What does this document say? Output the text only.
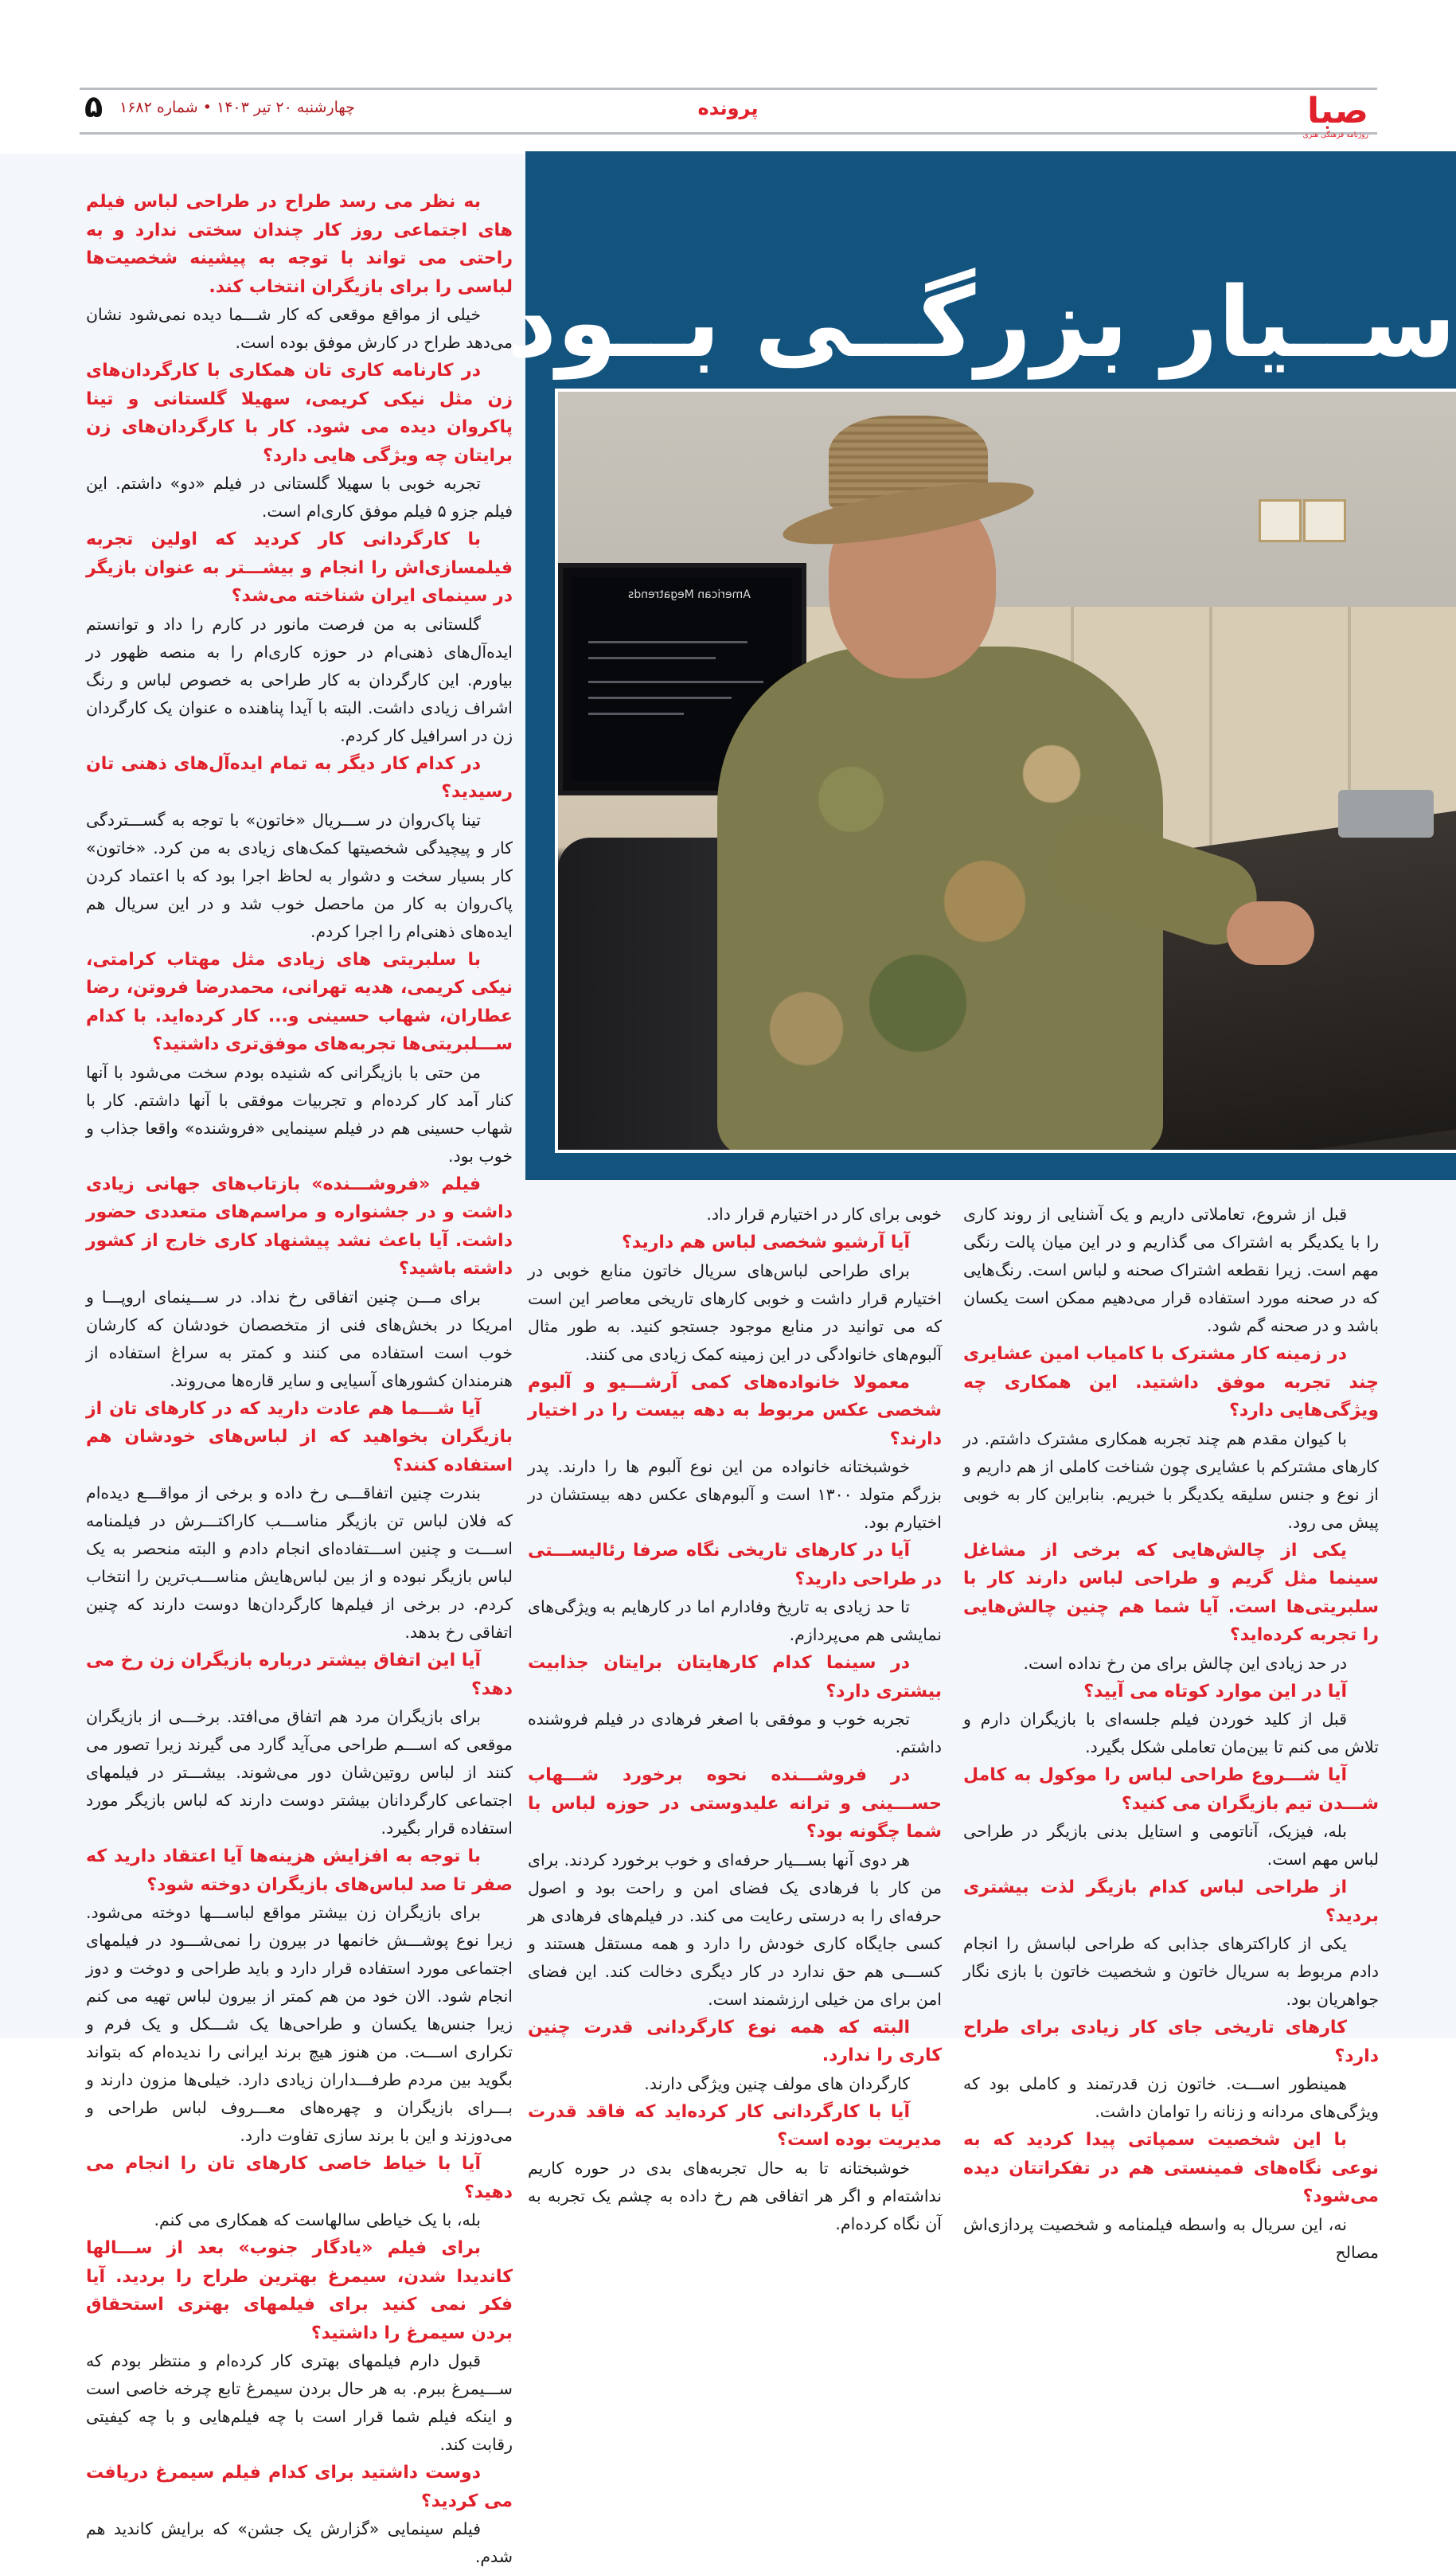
صبا
روزنامه فرهنگی هنری
پرونده
چهارشنبه ۲۰ تیر ۱۴۰۳ • شماره ۱۶۸۲
۵
ســیار بزرگــی بــود
American Megatrends

به نظر می رسد طراح در طراحی لباس فیلم های اجتماعی روز کار چندان سختی ندارد و به راحتی می تواند با توجه به پیشینه شخصیت‌ها لباسی را برای بازیگران انتخاب کند.

خیلی از مواقع موقعی که کار شـــما دیده نمی‌شود نشان می‌دهد طراح در کارش موفق بوده است.

در کارنامه کاری تان همکاری با کارگردان‌های زن مثل نیکی کریمی، سهیلا گلستانی و تینا پاکروان دیده می شود. کار با کارگردان‌های زن برایتان چه ویژگی هایی دارد؟

تجربه خوبی با سهیلا گلستانی در فیلم «دو» داشتم. این فیلم جزو ۵ فیلم موفق کاری‌ام است.

با کارگردانی کار کردید که اولین تجربه فیلمسازی‌اش را انجام و بیشـــتر به عنوان بازیگر در سینمای ایران شناخته می‌شد؟

گلستانی به من فرصت مانور در کارم را داد و توانستم ایده‌آل‌های ذهنی‌ام در حوزه کاری‌ام را به منصه ظهور در بیاورم. این کارگردان به کار طراحی به خصوص لباس و رنگ اشراف زیادی داشت. البته با آیدا پناهنده ه عنوان یک کارگردان زن در اسرافیل کار کردم.

در کدام کار دیگر به تمام ایده‌آل‌های ذهنی تان رسیدید؟

تینا پاک‌روان در ســـریال «خاتون» با توجه به گســـتردگی کار و پیچیدگی شخصیتها کمک‌های زیادی به من کرد. «خاتون» کار بسیار سخت و دشوار به لحاظ اجرا بود که با اعتماد کردن پاک‌روان به کار من ماحصل خوب شد و در این سریال هم ایده‌های ذهنی‌ام را اجرا کردم.

با سلبریتی های زیادی مثل مهتاب کرامتی، نیکی کریمی، هدیه تهرانی، محمدرضا فروتن، رضا عطاران، شهاب حسینی و... کار کرده‌اید. با کدام ســـلبریتی‌ها تجربه‌های موفق‌تری داشتید؟

من حتی با بازیگرانی که شنیده بودم سخت می‌شود با آنها کنار آمد کار کرده‌ام و تجربیات موفقی با آنها داشتم. کار با شهاب حسینی هم در فیلم سینمایی «فروشنده» واقعا جذاب و خوب بود.

فیلم «فروشـــنده» بازتاب‌های جهانی زیادی داشت و در جشنواره و مراسم‌های متعددی حضور داشت. آیا باعث نشد پیشنهاد کاری خارج از کشور داشته باشید؟

برای مـــن چنین اتفاقی رخ نداد. در ســـینمای اروپـــا و امریکا در بخش‌های فنی از متخصصان خودشان که کارشان خوب است استفاده می کنند و کمتر به سراغ استفاده از هنرمندان کشورهای آسیایی و سایر قاره‌ها می‌روند.

آیا شـــما هم عادت دارید که در کارهای تان از بازیگران بخواهید که از لباس‌های خودشان هم استفاده کنند؟

بندرت چنین اتفاقـــی رخ داده و برخی از مواقـــع دیده‌ام که فلان لباس تن بازیگر مناســـب کاراکتـــرش در فیلمنامه اســـت و چنین اســـتفاده‌ای انجام دادم و البته منحصر به یک لباس بازیگر نبوده و از بین لباس‌هایش مناســـب‌ترین را انتخاب کردم. در برخی از فیلم‌ها کارگردان‌ها دوست دارند که چنین اتفاقی رخ بدهد.

آیا این اتفاق بیشتر درباره بازیگران زن رخ می دهد؟

برای بازیگران مرد هم اتفاق می‌افتد. برخـــی از بازیگران موقعی که اســـم طراحی می‌آید گارد می گیرند زیرا تصور می کنند از لباس روتین‌شان دور می‌شوند. بیشـــتر در فیلمهای اجتماعی کارگردانان بیشتر دوست دارند که لباس بازیگر مورد استفاده قرار بگیرد.

با توجه به افزایش هزینه‌ها آیا اعتقاد دارید که صفر تا صد لباس‌های بازیگران دوخته شود؟

برای بازیگران زن بیشتر مواقع لباســـها دوخته می‌شود. زیرا نوع پوشـــش خانمها در بیرون را نمی‌شـــود در فیلمهای اجتماعی مورد استفاده قرار دارد و باید طراحی و دوخت و دوز انجام شود. الان خود من هم کمتر از بیرون لباس تهیه می کنم زیرا جنس‌ها یکسان و طراحی‌ها یک شـــکل و یک فرم و تکراری اســـت. من هنوز هیچ برند ایرانی را ندیده‌ام که بتواند بگوید بین مردم طرفـــداران زیادی دارد. خیلی‌ها مزون دارند و بـــرای بازیگران و چهره‌های معـــروف لباس طراحی و می‌دوزند و این با برند سازی تفاوت دارد.

آیا با خیاط خاصی کارهای تان را انجام می دهید؟

بله، با یک خیاطی سالهاست که همکاری می کنم.

برای فیلم «یادگار جنوب» بعد از ســـالها کاندیدا شدن، سیمرغ بهترین طراح را بردید. آیا فکر نمی کنید برای فیلمهای بهتری استحقاق بردن سیمرغ را داشتید؟

قبول دارم فیلمهای بهتری کار کرده‌ام و منتظر بودم که ســـیمرغ ببرم. به هر حال بردن سیمرغ تابع چرخه خاصی است و اینکه فیلم شما قرار است با چه فیلم‌هایی و با چه کیفیتی رقابت کند.

دوست داشتید برای کدام فیلم سیمرغ دریافت می کردید؟

فیلم سینمایی «گزارش یک جشن» که برایش کاندید هم شدم.

خوبی برای کار در اختیارم قرار داد.

آیا آرشیو شخصی لباس هم دارید؟

برای طراحی لباس‌های سریال خاتون منابع خوبی در اختیارم قرار داشت و خوبی کارهای تاریخی معاصر این است که می توانید در منابع موجود جستجو کنید. به طور مثال آلبوم‌های خانوادگی در این زمینه کمک زیادی می کنند.

معمولا خانواده‌های کمی آرشـــیو و آلبوم شخصی عکس مربوط به دهه بیست را در اختیار دارند؟

خوشبختانه خانواده من این نوع آلبوم ها را دارند. پدر بزرگم متولد ۱۳۰۰ است و آلبوم‌های عکس دهه بیستشان در اختیارم بود.

آیا در کارهای تاریخی نگاه صرفا رئالیســـتی در طراحی دارید؟

تا حد زیادی به تاریخ وفادارم اما در کارهایم به ویژگی‌های نمایشی هم می‌پردازم.

در سینما کدام کارهایتان برایتان جذابیت بیشتری دارد؟

تجربه خوب و موفقی با اصغر فرهادی در فیلم فروشنده داشتم.

در فروشـــنده نحوه برخورد شـــهاب حســـینی و ترانه علیدوستی در حوزه لباس با شما چگونه بود؟

هر دوی آنها بســـیار حرفه‌ای و خوب برخورد کردند. برای من کار با فرهادی یک فضای امن و راحت بود و اصول حرفه‌ای را به درستی رعایت می کند. در فیلم‌های فرهادی هر کسی جایگاه کاری خودش را دارد و همه مستقل هستند و کســـی هم حق ندارد در کار دیگری دخالت کند. این فضای امن برای من خیلی ارزشمند است.

البته که همه نوع کارگردانی قدرت چنین کاری را ندارد.

کارگردان های مولف چنین ویژگی دارند.

آیا با کارگردانی کار کرده‌اید که فاقد قدرت مدیریت بوده است؟

خوشبختانه تا به حال تجربه‌های بدی در حوره کاریم نداشته‌ام و اگر هر اتفاقی هم رخ داده به چشم یک تجربه به آن نگاه کرده‌ام.

قبل از شروع، تعاملاتی داریم و یک آشنایی از روند کاری را با یکدیگر به اشتراک می گذاریم و در این میان پالت رنگی مهم است. زیرا نقطعه اشتراک صحنه و لباس است. رنگ‌هایی که در صحنه مورد استفاده قرار می‌دهیم ممکن است یکسان باشد و در صحنه گم شود.

در زمینه کار مشترک با کامیاب امین عشایری چند تجربه موفق داشتید. این همکاری چه ویژگی‌هایی دارد؟

با کیوان مقدم هم چند تجربه همکاری مشترک داشتم. در کارهای مشترکم با عشایری چون شناخت کاملی از هم داریم و از نوع و جنس سلیقه یکدیگر با خبریم. بنابراین کار به خوبی پیش می رود.

یکی از چالش‌هایی که برخی از مشاغل سینما مثل گریم و طراحی لباس دارند کار با سلبریتی‌ها است. آیا شما هم چنین چالش‌هایی را تجربه کرده‌اید؟

در حد زیادی این چالش برای من رخ نداده است.

آیا در این موارد کوتاه می آیید؟

قبل از کلید خوردن فیلم جلسه‌ای با بازیگران دارم و تلاش می کنم تا بین‌مان تعاملی شکل بگیرد.

آیا شـــروع طراحی لباس را موکول به کامل شـــدن تیم بازیگران می کنید؟

بله، فیزیک، آناتومی و استایل بدنی بازیگر در طراحی لباس مهم است.

از طراحی لباس کدام بازیگر لذت بیشتری بردید؟

یکی از کاراکترهای جذابی که طراحی لباسش را انجام دادم مربوط به سریال خاتون و شخصیت خاتون با بازی نگار جواهریان بود.

کارهای تاریخی جای کار زیادی برای طراح دارد؟

همینطور اســـت. خاتون زن قدرتمند و کاملی بود که ویژگی‌های مردانه و زنانه را توامان داشت.

با این شخصیت سمپاتی پیدا کردید که به نوعی نگاه‌های فمینستی هم در تفکراتتان دیده می‌شود؟

نه، این سریال به واسطه فیلمنامه و شخصیت پردازی‌اش مصالح
